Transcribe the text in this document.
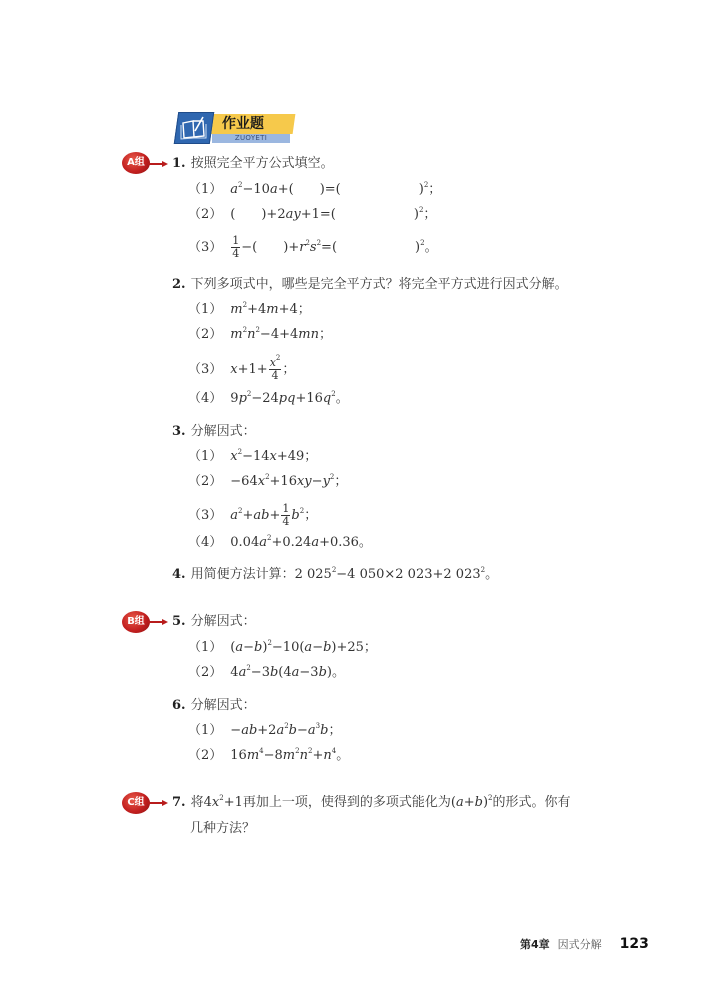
ZUOYETI
作业题
A组	1. 按照完全平方公式填空。
（1） $a^2-10a+$( )=(	)$^2$；
（2） ( )+2ay+1=(	)$^2$；
$(3) \frac{1}{4}$ −( )$+r^2s^2=$(	)$^2$。
2. 下列多项式中，哪些是完全平方式？将完全平方式进行因式分解。
（1） $m^2+4m+4$；
（2） $m^2n^2-4+4mn$；
（3） $x+1+ \frac{x^2}{4}$ ；
（4） $9p^2-24pq+16q^2$。
3. 分解因式：
（1） $x^2-14x+49$；
$(2) -64x^2+16xy-y^2$；
（3） $a^2+ab+ \frac{1}{4} b^2$；
（4） $0.04a^2+0.24a+0.36$。
4. 用简便方法计算：2 $025^2-4$ 050×2 023+2 $023^2$。
B组	5. 分解因式：
（1） $(a-b)^2-10(a-b)+25$；
（2） $4a^2-3b(4a-3b)$。
6. 分解因式：
$(1) -ab+2a^2b-a^3b$；
（2） $16m^4-8m^2n^2+n^4$。
C组	7. 将$4x^2+1$再加上一项，使得到的多项式能化为$(a+b)^2$的形式。你有
几种方法？
第4章 因式分解 123
